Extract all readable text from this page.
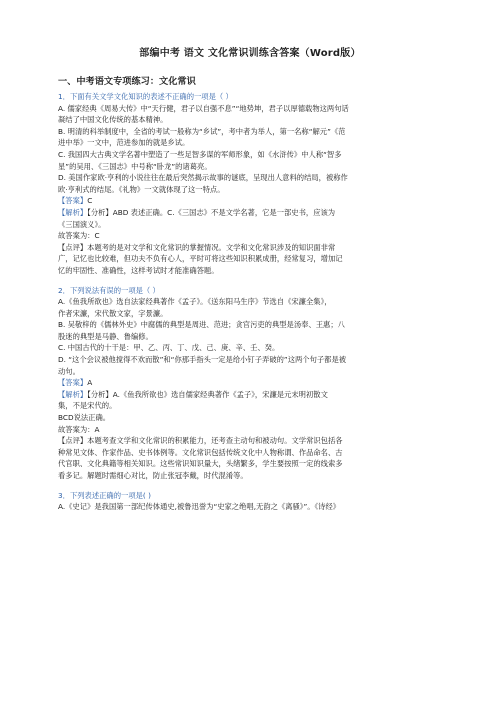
部编中考 语文 文化常识训练含答案（Word版）
一、中考语文专项练习：文化常识

1．下面有关文学文化知识的表述不正确的一项是（ ）

A. 儒家经典《周易大传》中“天行健，君子以自强不息”“地势坤，君子以厚德载物这两句话

凝结了中国文化传统的基本精神。

B. 明清的科举制度中，全省的考试一般称为“乡试”，考中者为举人，第一名称“解元”《范

进中举》一文中，范进参加的就是乡试。

C. 我国四大古典文学名著中塑造了一些足智多谋的军师形象，如《水浒传》中人称“智多

星”的吴用、《三国志》中号称“卧龙”的诸葛亮。

D. 美国作家欧·亨利的小说往往在最后突然揭示故事的谜底，呈现出人意料的结局，被称作

欧·亨利式的结尾。《礼物》一文就体现了这一特点。

【答案】C

【解析】【分析】ABD 表述正确。C.《三国志》不是文学名著，它是一部史书，应该为

《三国演义》。

故答案为：C

【点评】本题考的是对文学和文化常识的掌握情况。文学和文化常识涉及的知识面非常

广，记忆也比较难，但功夫不负有心人，平时可将这些知识积累成册，经常复习，增加记

忆的牢固性、准确性，这样考试时才能准确答题。

2．下列说法有误的一项是（ ）

A.《鱼我所欲也》选自法家经典著作《孟子》。《送东阳马生序》节选自《宋濂全集》，

作者宋濂，宋代散文家，字景濂。

B. 吴敬梓的《儒林外史》中腐儒的典型是周进、范进；贪官污吏的典型是汤奉、王惠；八

股迷的典型是马静、鲁编修。

C. 中国古代的十干是：甲、乙、丙、丁、戊、己、庚、辛、壬、癸。

D. “这个会议被他搅得不欢而散”和“你那手指头一定是给小钉子弄破的”这两个句子都是被

动句。

【答案】A

【解析】【分析】A.《鱼我所欲也》选自儒家经典著作《孟子》，宋濂是元末明初散文

集，不是宋代的。

BCD说法正确。

故答案为：A

【点评】本题考查文学和文化常识的积累能力，还考查主动句和被动句。文学常识包括各

种常见文体、作家作品、史书体例等。文化常识包括传统文化中人物称谓、作品命名、古

代官职、文化典籍等相关知识。这些常识知识量大，头绪繁多，学生要按照一定的线索多

看多记。解题时需细心对比，防止张冠李戴，时代混淆等。

3．下列表述正确的一项是( )

A.《史记》是我国第一部纪传体通史,被鲁迅誉为“史家之绝唱,无韵之《离骚》”。《诗经》
